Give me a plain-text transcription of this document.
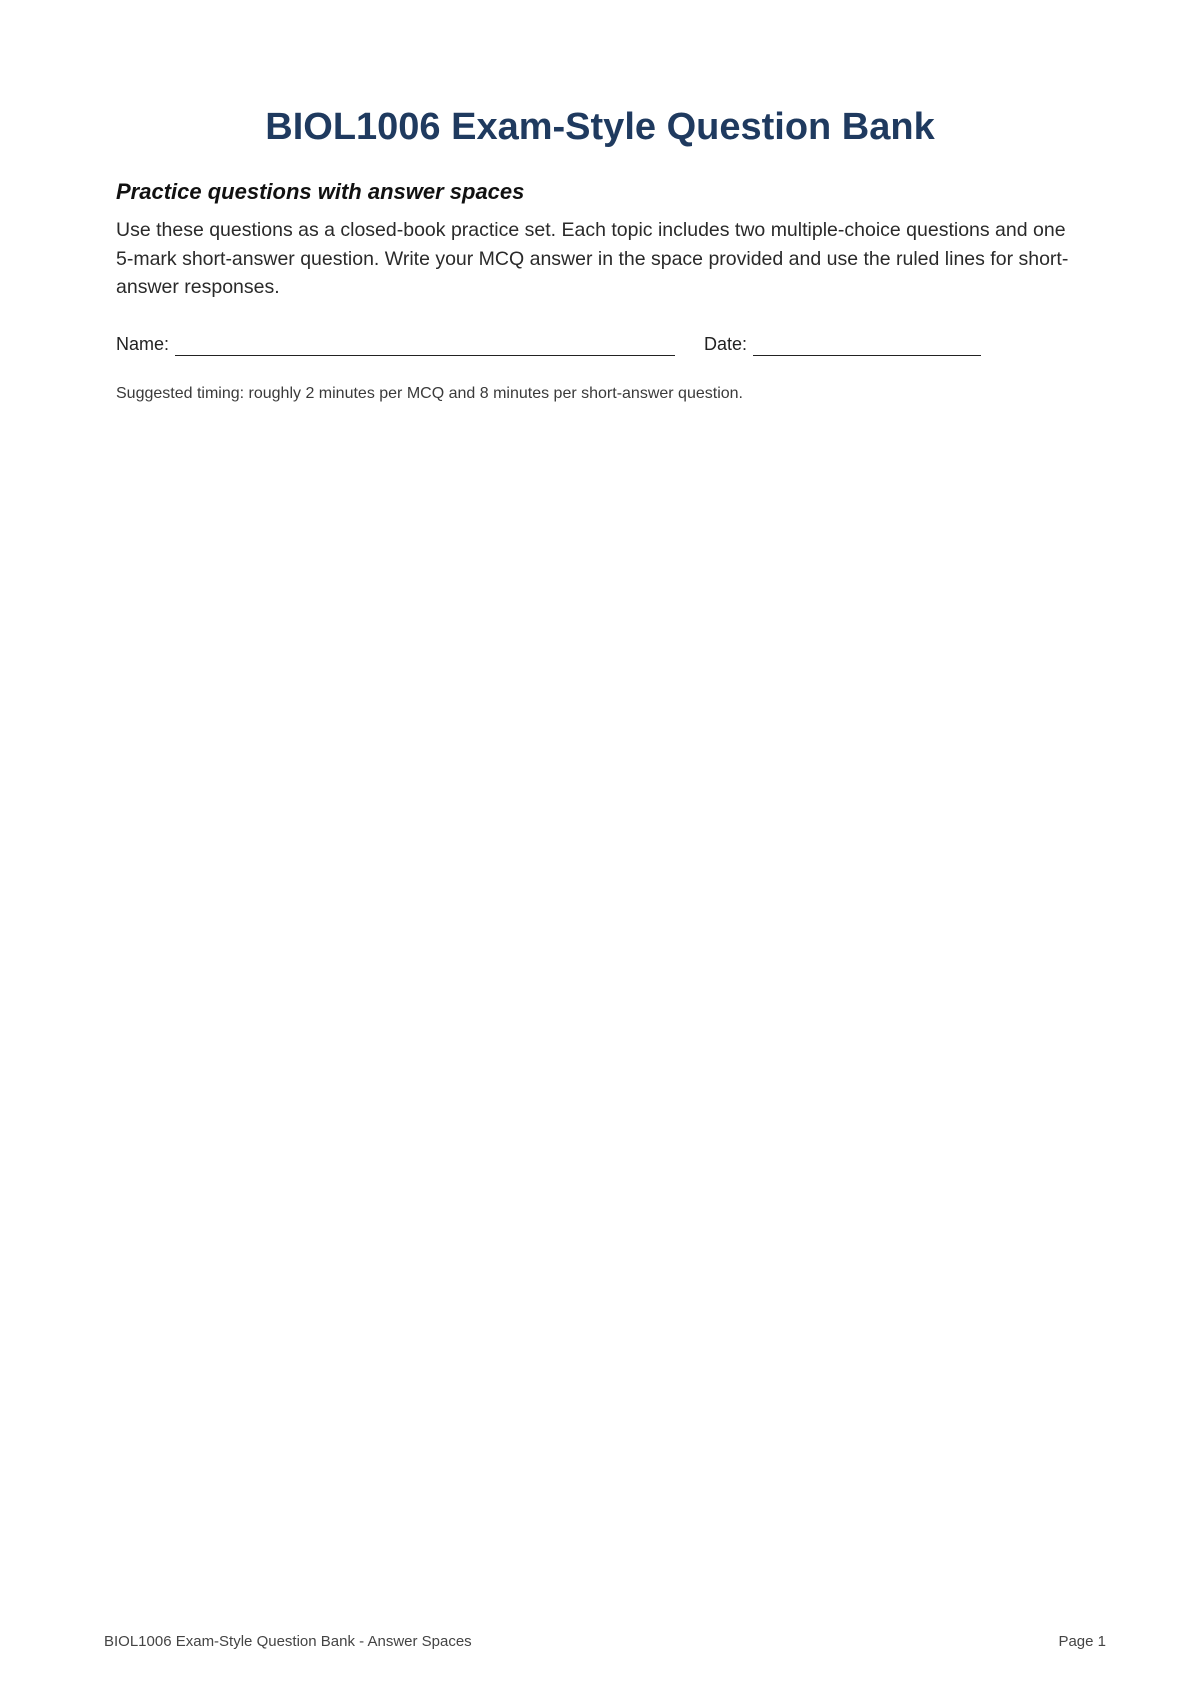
BIOL1006 Exam-Style Question Bank
Practice questions with answer spaces

Use these questions as a closed-book practice set. Each topic includes two multiple-choice questions and one 5-mark short-answer question. Write your MCQ answer in the space provided and use the ruled lines for short-answer responses.

Name:	Date:

Suggested timing: roughly 2 minutes per MCQ and 8 minutes per short-answer question.

BIOL1006 Exam-Style Question Bank - Answer Spaces	Page 1
